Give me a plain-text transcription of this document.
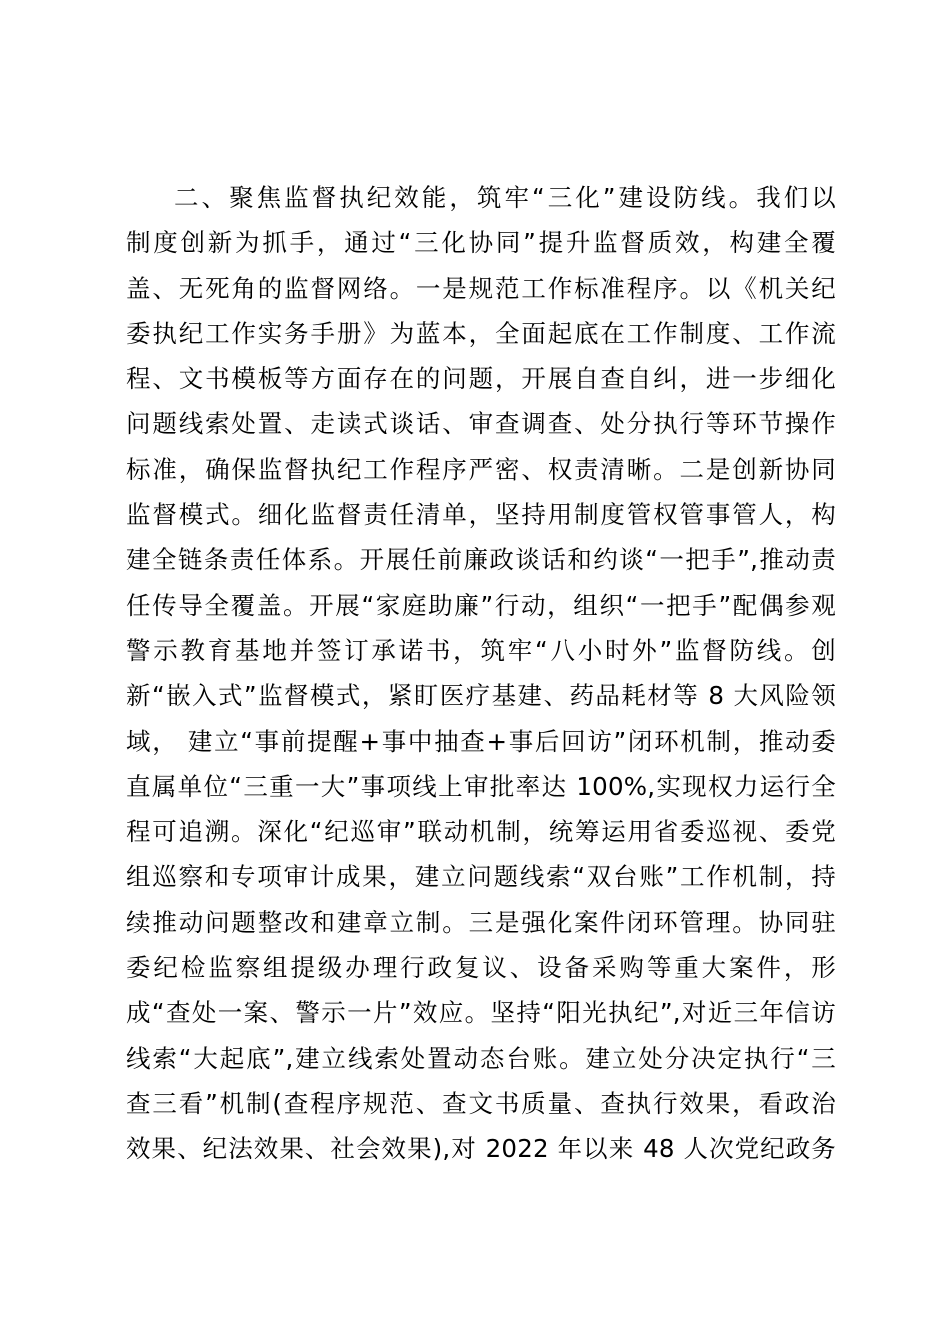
二、聚焦监督执纪效能，筑牢“三化”建设防线。我们以
制度创新为抓手，通过“三化协同”提升监督质效，构建全覆
盖、无死角的监督网络。一是规范工作标准程序。以《机关纪
委执纪工作实务手册》为蓝本，全面起底在工作制度、工作流
程、文书模板等方面存在的问题，开展自查自纠，进一步细化
问题线索处置、走读式谈话、审查调查、处分执行等环节操作
标准，确保监督执纪工作程序严密、权责清晰。二是创新协同
监督模式。细化监督责任清单，坚持用制度管权管事管人，构
建全链条责任体系。开展任前廉政谈话和约谈“一把手”,推动责
任传导全覆盖。开展“家庭助廉”行动，组织“一把手”配偶参观
警示教育基地并签订承诺书，筑牢“八小时外”监督防线。创
新“嵌入式”监督模式，紧盯医疗基建、药品耗材等 8 大风险领
域， 建立“事前提醒+事中抽查+事后回访”闭环机制，推动委
直属单位“三重一大”事项线上审批率达 100%,实现权力运行全
程可追溯。深化“纪巡审”联动机制，统筹运用省委巡视、委党
组巡察和专项审计成果，建立问题线索“双台账”工作机制，持
续推动问题整改和建章立制。三是强化案件闭环管理。协同驻
委纪检监察组提级办理行政复议、设备采购等重大案件，形
成“查处一案、警示一片”效应。坚持“阳光执纪”,对近三年信访
线索“大起底”,建立线索处置动态台账。建立处分决定执行“三
查三看”机制(查程序规范、查文书质量、查执行效果，看政治
效果、纪法效果、社会效果),对 2022 年以来 48 人次党纪政务
